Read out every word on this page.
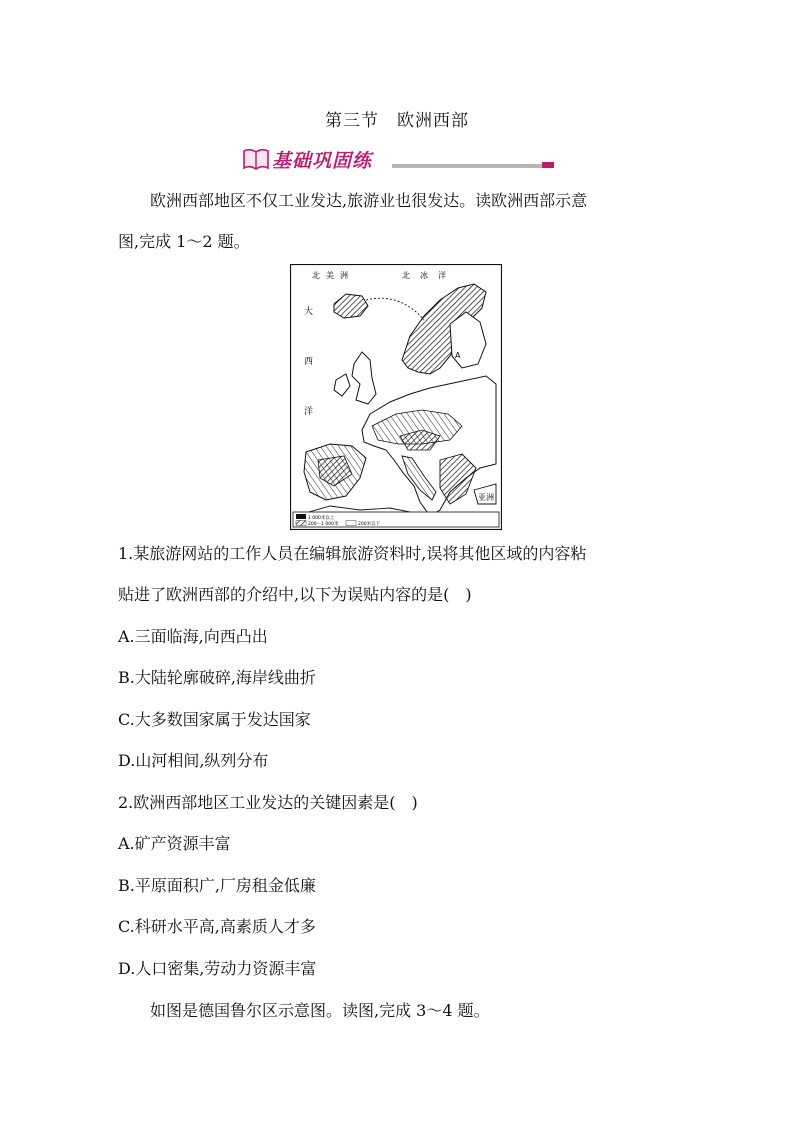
第三节　欧洲西部
基础巩固练
欧洲西部地区不仅工业发达,旅游业也很发达。读欧洲西部示意
图,完成 1～2 题。
北美洲	北冰洋
大
西
洋
亚洲
A
1 000米以上
200～1 000米	200米以下
1.某旅游网站的工作人员在编辑旅游资料时,误将其他区域的内容粘
贴进了欧洲西部的介绍中,以下为误贴内容的是(　)
A.三面临海,向西凸出
B.大陆轮廓破碎,海岸线曲折
C.大多数国家属于发达国家
D.山河相间,纵列分布
2.欧洲西部地区工业发达的关键因素是(　)
A.矿产资源丰富
B.平原面积广,厂房租金低廉
C.科研水平高,高素质人才多
D.人口密集,劳动力资源丰富
如图是德国鲁尔区示意图。读图,完成 3～4 题。
